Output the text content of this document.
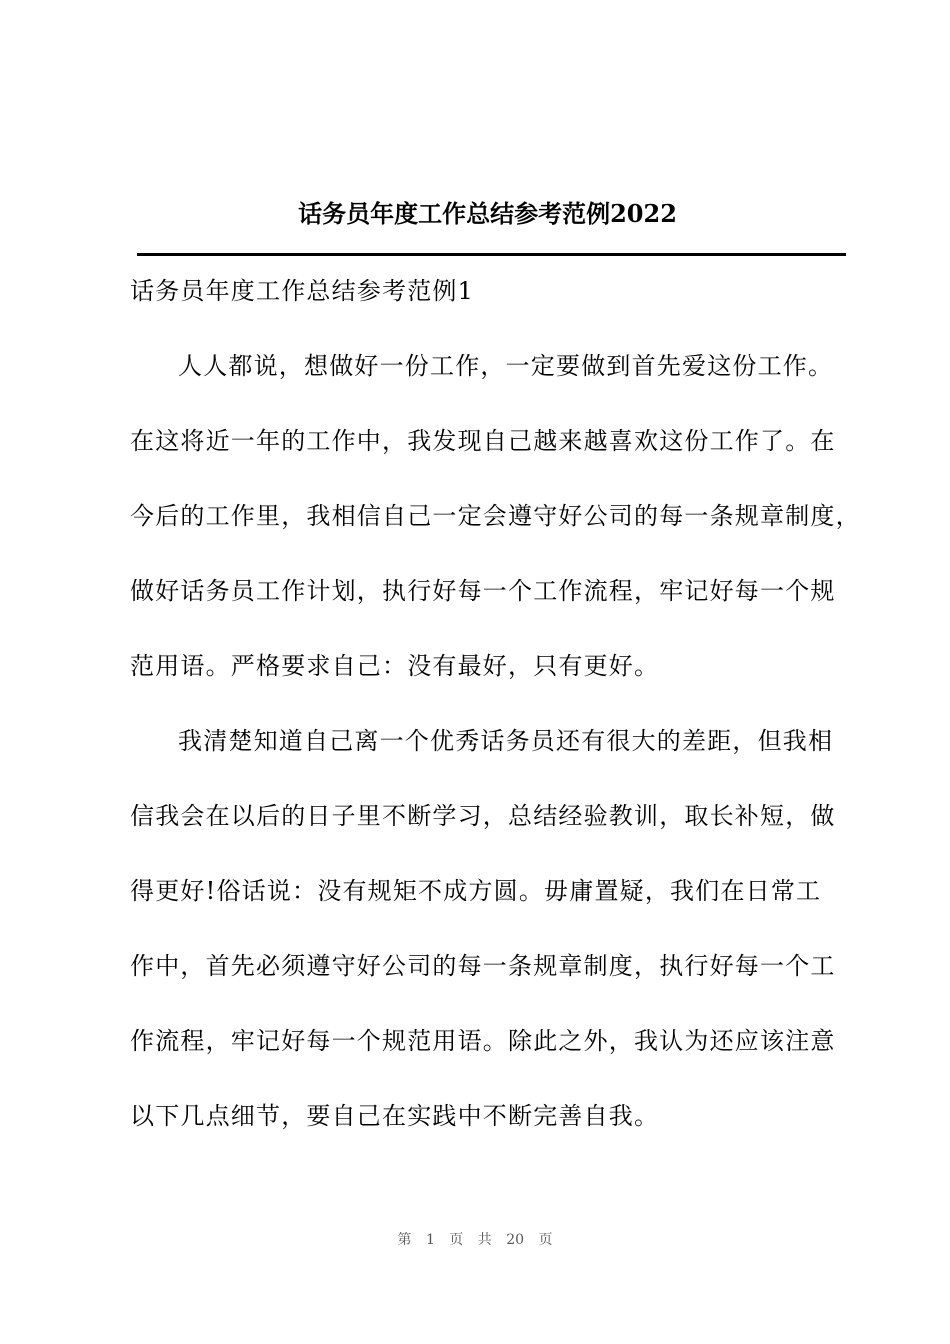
话务员年度工作总结参考范例2022
话务员年度工作总结参考范例1
人人都说，想做好一份工作，一定要做到首先爱这份工作。
在这将近一年的工作中，我发现自己越来越喜欢这份工作了。在
今后的工作里，我相信自己一定会遵守好公司的每一条规章制度，
做好话务员工作计划，执行好每一个工作流程，牢记好每一个规
范用语。严格要求自己：没有最好，只有更好。
我清楚知道自己离一个优秀话务员还有很大的差距，但我相
信我会在以后的日子里不断学习，总结经验教训，取长补短，做
得更好!俗话说：没有规矩不成方圆。毋庸置疑，我们在日常工
作中，首先必须遵守好公司的每一条规章制度，执行好每一个工
作流程，牢记好每一个规范用语。除此之外，我认为还应该注意
以下几点细节，要自己在实践中不断完善自我。
第 1 页 共 20 页
